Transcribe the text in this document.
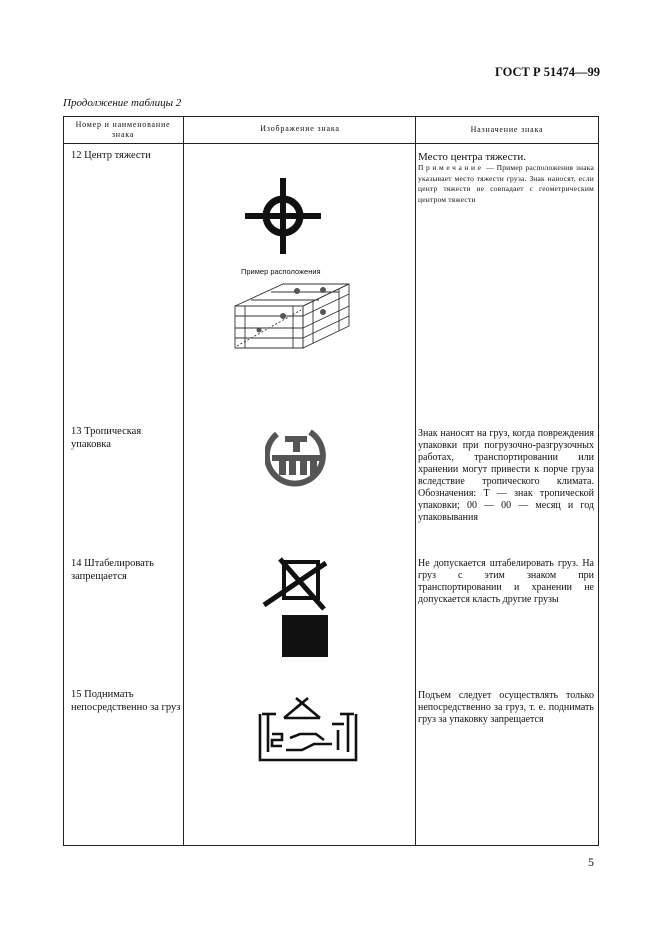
ГОСТ Р 51474—99
Продолжение таблицы 2
Номер и наименование знака
Изображение знака	Назначение знака
12 Центр тяжести	Место центра тяжести.
Примечание — Пример расположения знака указывает место тяжести груза. Знак наносят, если центр тяжести не совпадает с геометрическим центром тяжести
13 Тропическая упаковка
Знак наносят на груз, когда повреждения упаковки при погрузочно-разгрузочных работах, транспортировании или хранении могут привести к порче груза вследствие тропического климата. Обозначения: Т — знак тропической упаковки; 00 — 00 — месяц и год упаковывания
14 Штабелировать запрещается
Не допускается штабелировать груз. На груз с этим знаком при транспортировании и хранении не допускается класть другие грузы
15 Поднимать непосредственно за груз
Подъем следует осуществлять только непосредственно за груз, т. е. поднимать груз за упаковку запрещается
Пример расположения
5
